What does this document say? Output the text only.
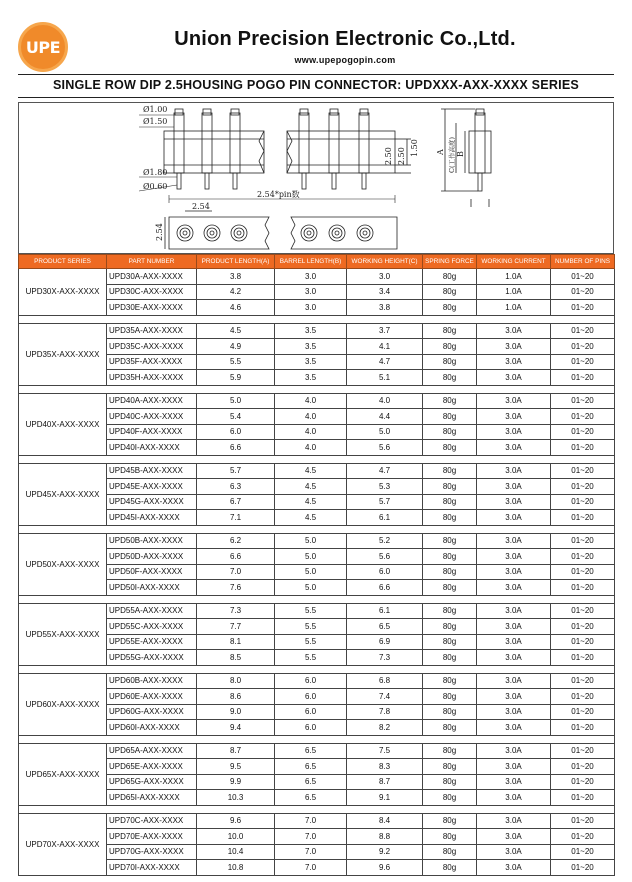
UPE	Union Precision Electronic Co.,Ltd.
www.upepogopin.com
SINGLE ROW DIP 2.5HOUSING POGO PIN CONNECTOR: UPDXXX-AXX-XXXX SERIES
Ø1.00
Ø1.50
Ø1.80
Ø0.60
2.54*pin数
2.54
2.54
2.50
2.50 1.50 A C(工作高度) B
PRODUCT SERIES	PART NUMBER	PRODUCT LENGTH(A)	BARREL LENGTH(B)	WORKING HEIGHT(C)	SPRING FORCE	WORKING CURRENT	NUMBER OF PINS
UPD30X-AXX-XXXX	UPD30A-AXX-XXXX	3.8	3.0	3.0	80g	1.0A	01~20
	UPD30C-AXX-XXXX	4.2	3.0	3.4	80g	1.0A	01~20
	UPD30E-AXX-XXXX	4.6	3.0	3.8	80g	1.0A	01~20

UPD35X-AXX-XXXX	UPD35A-AXX-XXXX	4.5	3.5	3.7	80g	3.0A	01~20
	UPD35C-AXX-XXXX	4.9	3.5	4.1	80g	3.0A	01~20
	UPD35F-AXX-XXXX	5.5	3.5	4.7	80g	3.0A	01~20
	UPD35H-AXX-XXXX	5.9	3.5	5.1	80g	3.0A	01~20

UPD40X-AXX-XXXX	UPD40A-AXX-XXXX	5.0	4.0	4.0	80g	3.0A	01~20
	UPD40C-AXX-XXXX	5.4	4.0	4.4	80g	3.0A	01~20
	UPD40F-AXX-XXXX	6.0	4.0	5.0	80g	3.0A	01~20
	UPD40I-AXX-XXXX	6.6	4.0	5.6	80g	3.0A	01~20

UPD45X-AXX-XXXX	UPD45B-AXX-XXXX	5.7	4.5	4.7	80g	3.0A	01~20
	UPD45E-AXX-XXXX	6.3	4.5	5.3	80g	3.0A	01~20
	UPD45G-AXX-XXXX	6.7	4.5	5.7	80g	3.0A	01~20
	UPD45I-AXX-XXXX	7.1	4.5	6.1	80g	3.0A	01~20

UPD50X-AXX-XXXX	UPD50B-AXX-XXXX	6.2	5.0	5.2	80g	3.0A	01~20
	UPD50D-AXX-XXXX	6.6	5.0	5.6	80g	3.0A	01~20
	UPD50F-AXX-XXXX	7.0	5.0	6.0	80g	3.0A	01~20
	UPD50I-AXX-XXXX	7.6	5.0	6.6	80g	3.0A	01~20

UPD55X-AXX-XXXX	UPD55A-AXX-XXXX	7.3	5.5	6.1	80g	3.0A	01~20
	UPD55C-AXX-XXXX	7.7	5.5	6.5	80g	3.0A	01~20
	UPD55E-AXX-XXXX	8.1	5.5	6.9	80g	3.0A	01~20
	UPD55G-AXX-XXXX	8.5	5.5	7.3	80g	3.0A	01~20

UPD60X-AXX-XXXX	UPD60B-AXX-XXXX	8.0	6.0	6.8	80g	3.0A	01~20
	UPD60E-AXX-XXXX	8.6	6.0	7.4	80g	3.0A	01~20
	UPD60G-AXX-XXXX	9.0	6.0	7.8	80g	3.0A	01~20
	UPD60I-AXX-XXXX	9.4	6.0	8.2	80g	3.0A	01~20

UPD65X-AXX-XXXX	UPD65A-AXX-XXXX	8.7	6.5	7.5	80g	3.0A	01~20
	UPD65E-AXX-XXXX	9.5	6.5	8.3	80g	3.0A	01~20
	UPD65G-AXX-XXXX	9.9	6.5	8.7	80g	3.0A	01~20
	UPD65I-AXX-XXXX	10.3	6.5	9.1	80g	3.0A	01~20

UPD70X-AXX-XXXX	UPD70C-AXX-XXXX	9.6	7.0	8.4	80g	3.0A	01~20
	UPD70E-AXX-XXXX	10.0	7.0	8.8	80g	3.0A	01~20
	UPD70G-AXX-XXXX	10.4	7.0	9.2	80g	3.0A	01~20
	UPD70I-AXX-XXXX	10.8	7.0	9.6	80g	3.0A	01~20
